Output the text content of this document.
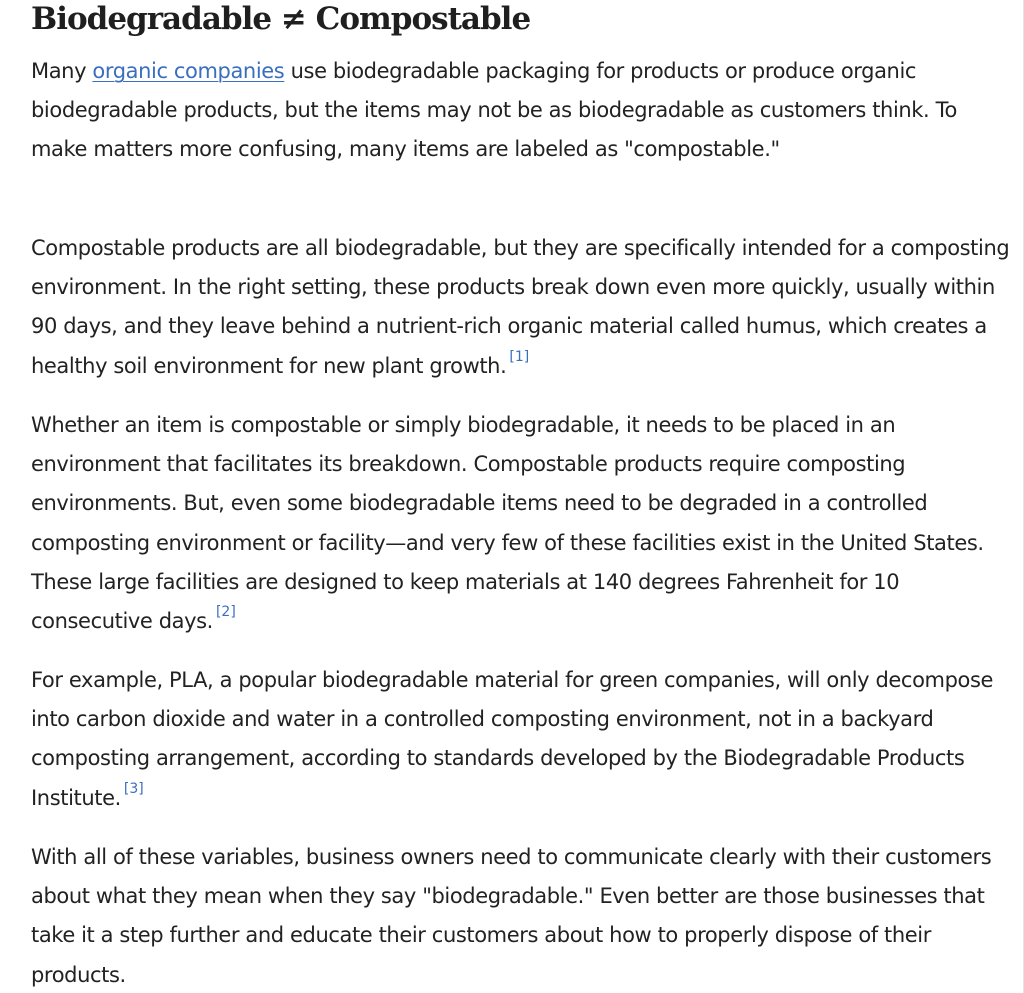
Biodegradable ≠ Compostable

Many organic companies use biodegradable packaging for products or produce organic biodegradable products, but the items may not be as biodegradable as customers think. To make matters more confusing, many items are labeled as "compostable."

Compostable products are all biodegradable, but they are specifically intended for a composting environment. In the right setting, these products break down even more quickly, usually within 90 days, and they leave behind a nutrient-rich organic material called humus, which creates a healthy soil environment for new plant growth. [1]

Whether an item is compostable or simply biodegradable, it needs to be placed in an environment that facilitates its breakdown. Compostable products require composting environments. But, even some biodegradable items need to be degraded in a controlled composting environment or facility—and very few of these facilities exist in the United States. These large facilities are designed to keep materials at 140 degrees Fahrenheit for 10 consecutive days. [2]

For example, PLA, a popular biodegradable material for green companies, will only decompose into carbon dioxide and water in a controlled composting environment, not in a backyard composting arrangement, according to standards developed by the Biodegradable Products Institute. [3]

With all of these variables, business owners need to communicate clearly with their customers about what they mean when they say "biodegradable." Even better are those businesses that take it a step further and educate their customers about how to properly dispose of their products.
